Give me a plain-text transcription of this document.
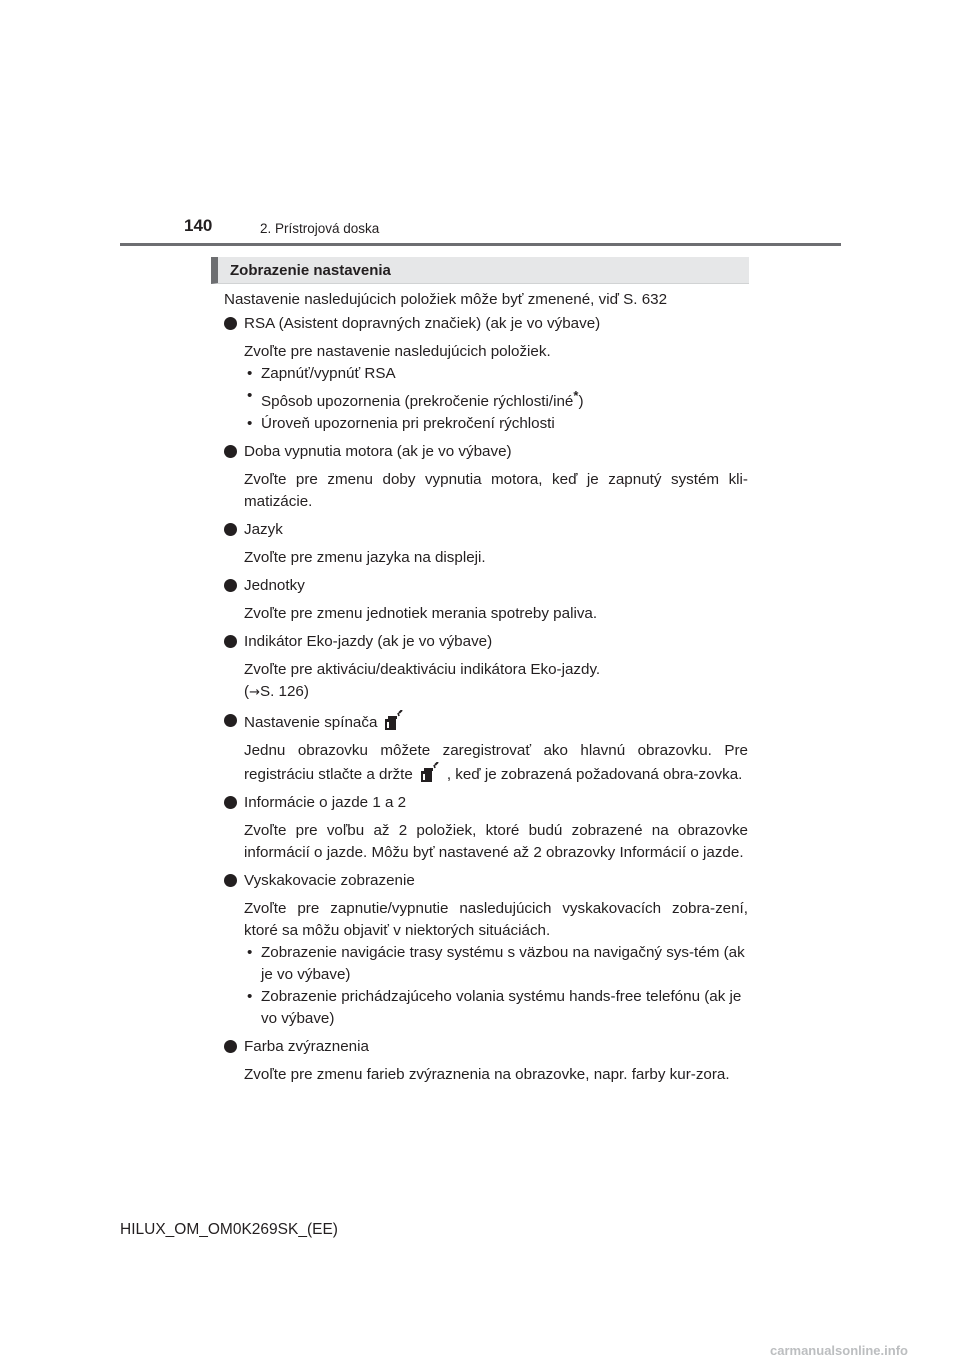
140	2. Prístrojová doska
Zobrazenie nastavenia

Nastavenie nasledujúcich položiek môže byť zmenené, viď S. 632

RSA (Asistent dopravných značiek) (ak je vo výbave)

Zvoľte pre nastavenie nasledujúcich položiek.

• Zapnúť/vypnúť RSA
• Spôsob upozornenia (prekročenie rýchlosti/iné*)
• Úroveň upozornenia pri prekročení rýchlosti

Doba vypnutia motora (ak je vo výbave)

Zvoľte pre zmenu doby vypnutia motora, keď je zapnutý systém kli-matizácie.

Jazyk

Zvoľte pre zmenu jazyka na displeji.

Jednotky

Zvoľte pre zmenu jednotiek merania spotreby paliva.

Indikátor Eko-jazdy (ak je vo výbave)

Zvoľte pre aktiváciu/deaktiváciu indikátora Eko-jazdy.
(→S. 126)

Nastavenie spínača

Jednu obrazovku môžete zaregistrovať ako hlavnú obrazovku. Pre registráciu stlačte a držte , keď je zobrazená požadovaná obra-zovka.

Informácie o jazde 1 a 2

Zvoľte pre voľbu až 2 položiek, ktoré budú zobrazené na obrazovke informácií o jazde. Môžu byť nastavené až 2 obrazovky Informácií o jazde.

Vyskakovacie zobrazenie

Zvoľte pre zapnutie/vypnutie nasledujúcich vyskakovacích zobra-zení, ktoré sa môžu objaviť v niektorých situáciách.

• Zobrazenie navigácie trasy systému s väzbou na navigačný sys-tém (ak je vo výbave)
• Zobrazenie prichádzajúceho volania systému hands-free telefónu (ak je vo výbave)

Farba zvýraznenia

Zvoľte pre zmenu farieb zvýraznenia na obrazovke, napr. farby kur-zora.

HILUX_OM_OM0K269SK_(EE)
carmanualsonline.info
